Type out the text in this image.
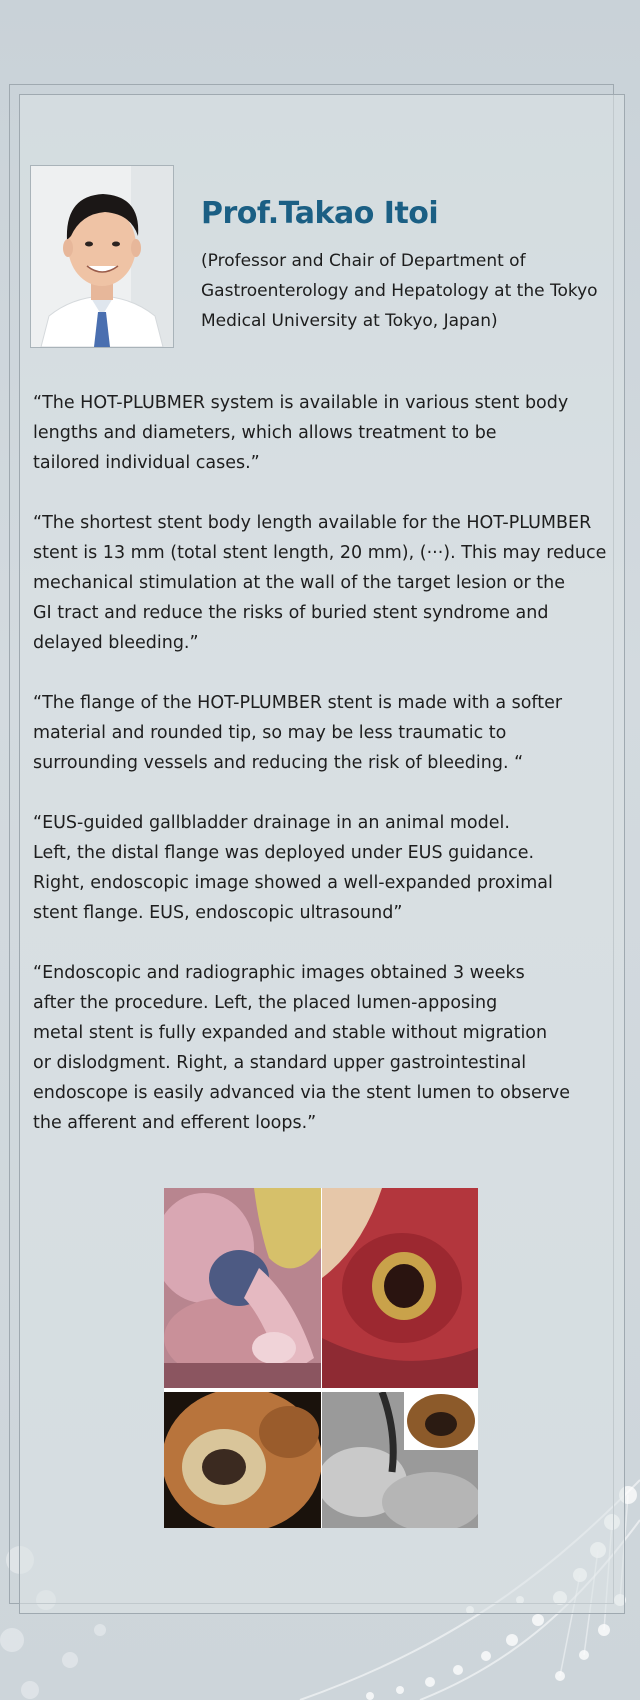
Prof.Takao Itoi

(Professor and Chair of Department of Gastroenterology and Hepatology at the Tokyo Medical University at Tokyo, Japan)

“The HOT-PLUBMER system is available in various stent body
lengths and diameters, which allows treatment to be
tailored individual cases.”

“The shortest stent body length available for the HOT-PLUMBER
stent is 13 mm (total stent length, 20 mm), (···). This may reduce
mechanical stimulation at the wall of the target lesion or the
GI tract and reduce the risks of buried stent syndrome and
delayed bleeding.”

“The flange of the HOT-PLUMBER stent is made with a softer
material and rounded tip, so may be less traumatic to
surrounding vessels and reducing the risk of bleeding. “

“EUS-guided gallbladder drainage in an animal model.
Left, the distal flange was deployed under EUS guidance.
Right, endoscopic image showed a well-expanded proximal
stent flange. EUS, endoscopic ultrasound”

“Endoscopic and radiographic images obtained 3 weeks
after the procedure. Left, the placed lumen-apposing
metal stent is fully expanded and stable without migration
or dislodgment. Right, a standard upper gastrointestinal
endoscope is easily advanced via the stent lumen to observe
the afferent and efferent loops.”
